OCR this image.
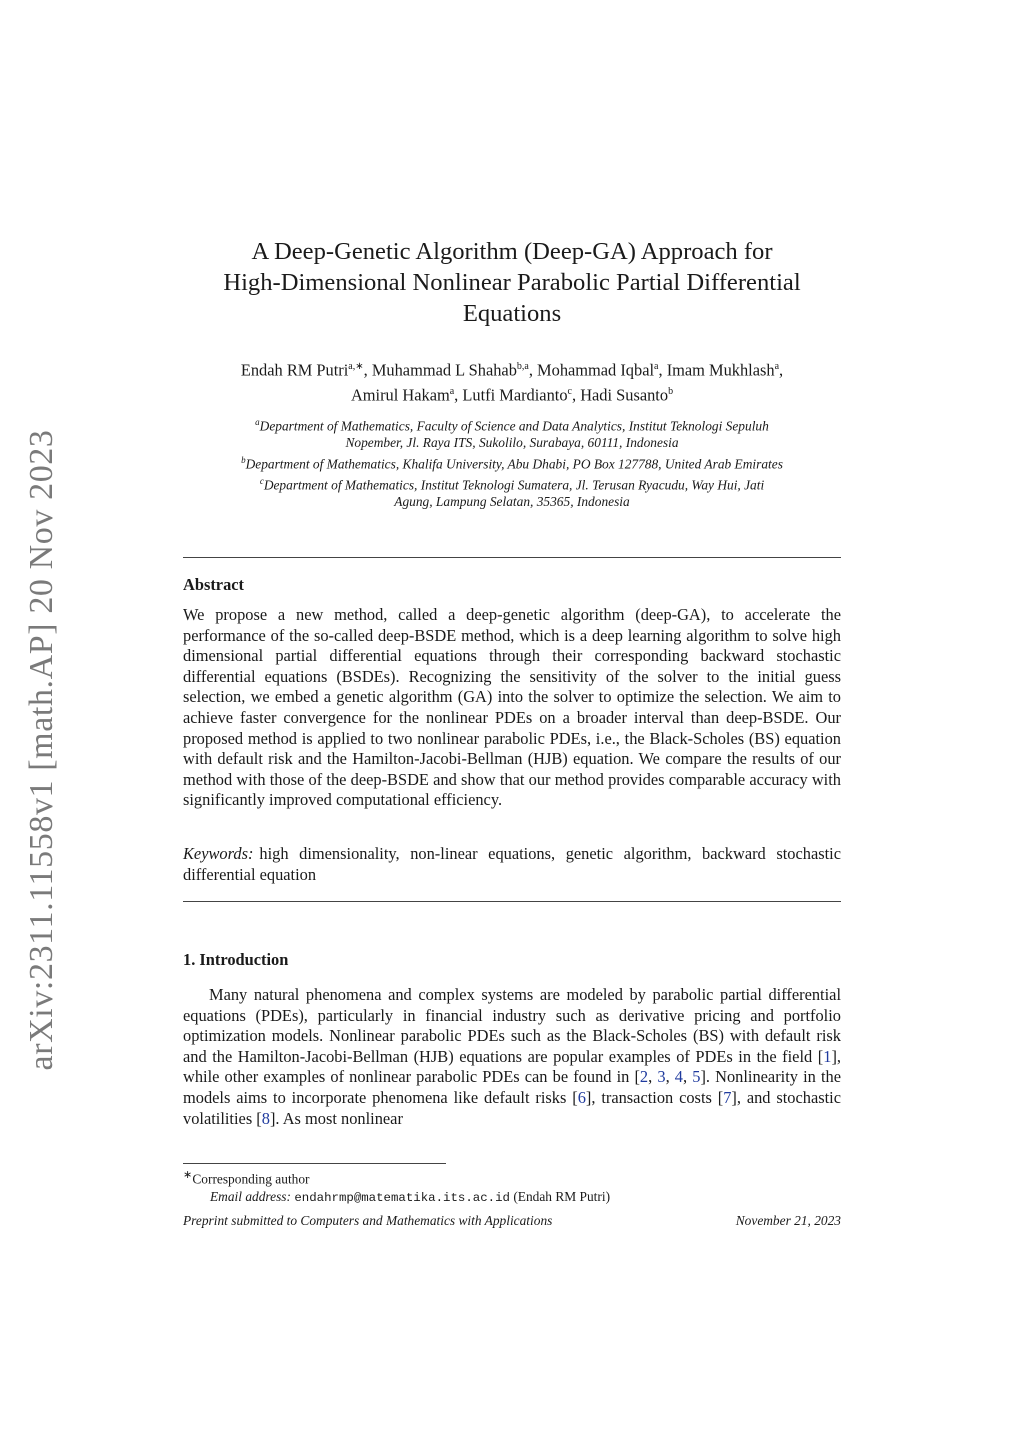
arXiv:2311.11558v1 [math.AP] 20 Nov 2023
A Deep-Genetic Algorithm (Deep-GA) Approach for
High-Dimensional Nonlinear Parabolic Partial Differential
Equations
Endah RM Putri$^{a,∗}$, Muhammad L Shahab$^{b,a}$, Mohammad Iqbal$^a$, Imam Mukhlash$^a$,
Amirul Hakam$^a$, Lutfi Mardianto$^c$, Hadi Susanto$^b$
$^a$Department of Mathematics, Faculty of Science and Data Analytics, Institut Teknologi Sepuluh
Nopember, Jl. Raya ITS, Sukolilo, Surabaya, 60111, Indonesia
$^b$Department of Mathematics, Khalifa University, Abu Dhabi, PO Box 127788, United Arab Emirates
$^c$Department of Mathematics, Institut Teknologi Sumatera, Jl. Terusan Ryacudu, Way Hui, Jati
Agung, Lampung Selatan, 35365, Indonesia
Abstract
We propose a new method, called a deep-genetic algorithm (deep-GA), to accelerate the performance of the so-called deep-BSDE method, which is a deep learning algorithm to solve high dimensional partial differential equations through their corresponding backward stochastic differential equations (BSDEs). Recognizing the sensitivity of the solver to the initial guess selection, we embed a genetic algorithm (GA) into the solver to optimize the selection. We aim to achieve faster convergence for the nonlinear PDEs on a broader interval than deep-BSDE. Our proposed method is applied to two nonlinear parabolic PDEs, i.e., the Black-Scholes (BS) equation with default risk and the Hamilton-Jacobi-Bellman (HJB) equation. We compare the results of our method with those of the deep-BSDE and show that our method provides comparable accuracy with significantly improved computational efficiency.
Keywords: high dimensionality, non-linear equations, genetic algorithm, backward stochastic differential equation
1. Introduction
Many natural phenomena and complex systems are modeled by parabolic partial differential equations (PDEs), particularly in financial industry such as derivative pricing and portfolio optimization models. Nonlinear parabolic PDEs such as the Black-Scholes (BS) with default risk and the Hamilton-Jacobi-Bellman (HJB) equations are popular examples of PDEs in the field [1], while other examples of nonlinear parabolic PDEs can be found in [2, 3, 4, 5]. Nonlinearity in the models aims to incorporate phenomena like default risks [6], transaction costs [7], and stochastic volatilities [8]. As most nonlinear
∗Corresponding author
Email address: endahrmp@matematika.its.ac.id (Endah RM Putri)
Preprint submitted to Computers and Mathematics with Applications	November 21, 2023
